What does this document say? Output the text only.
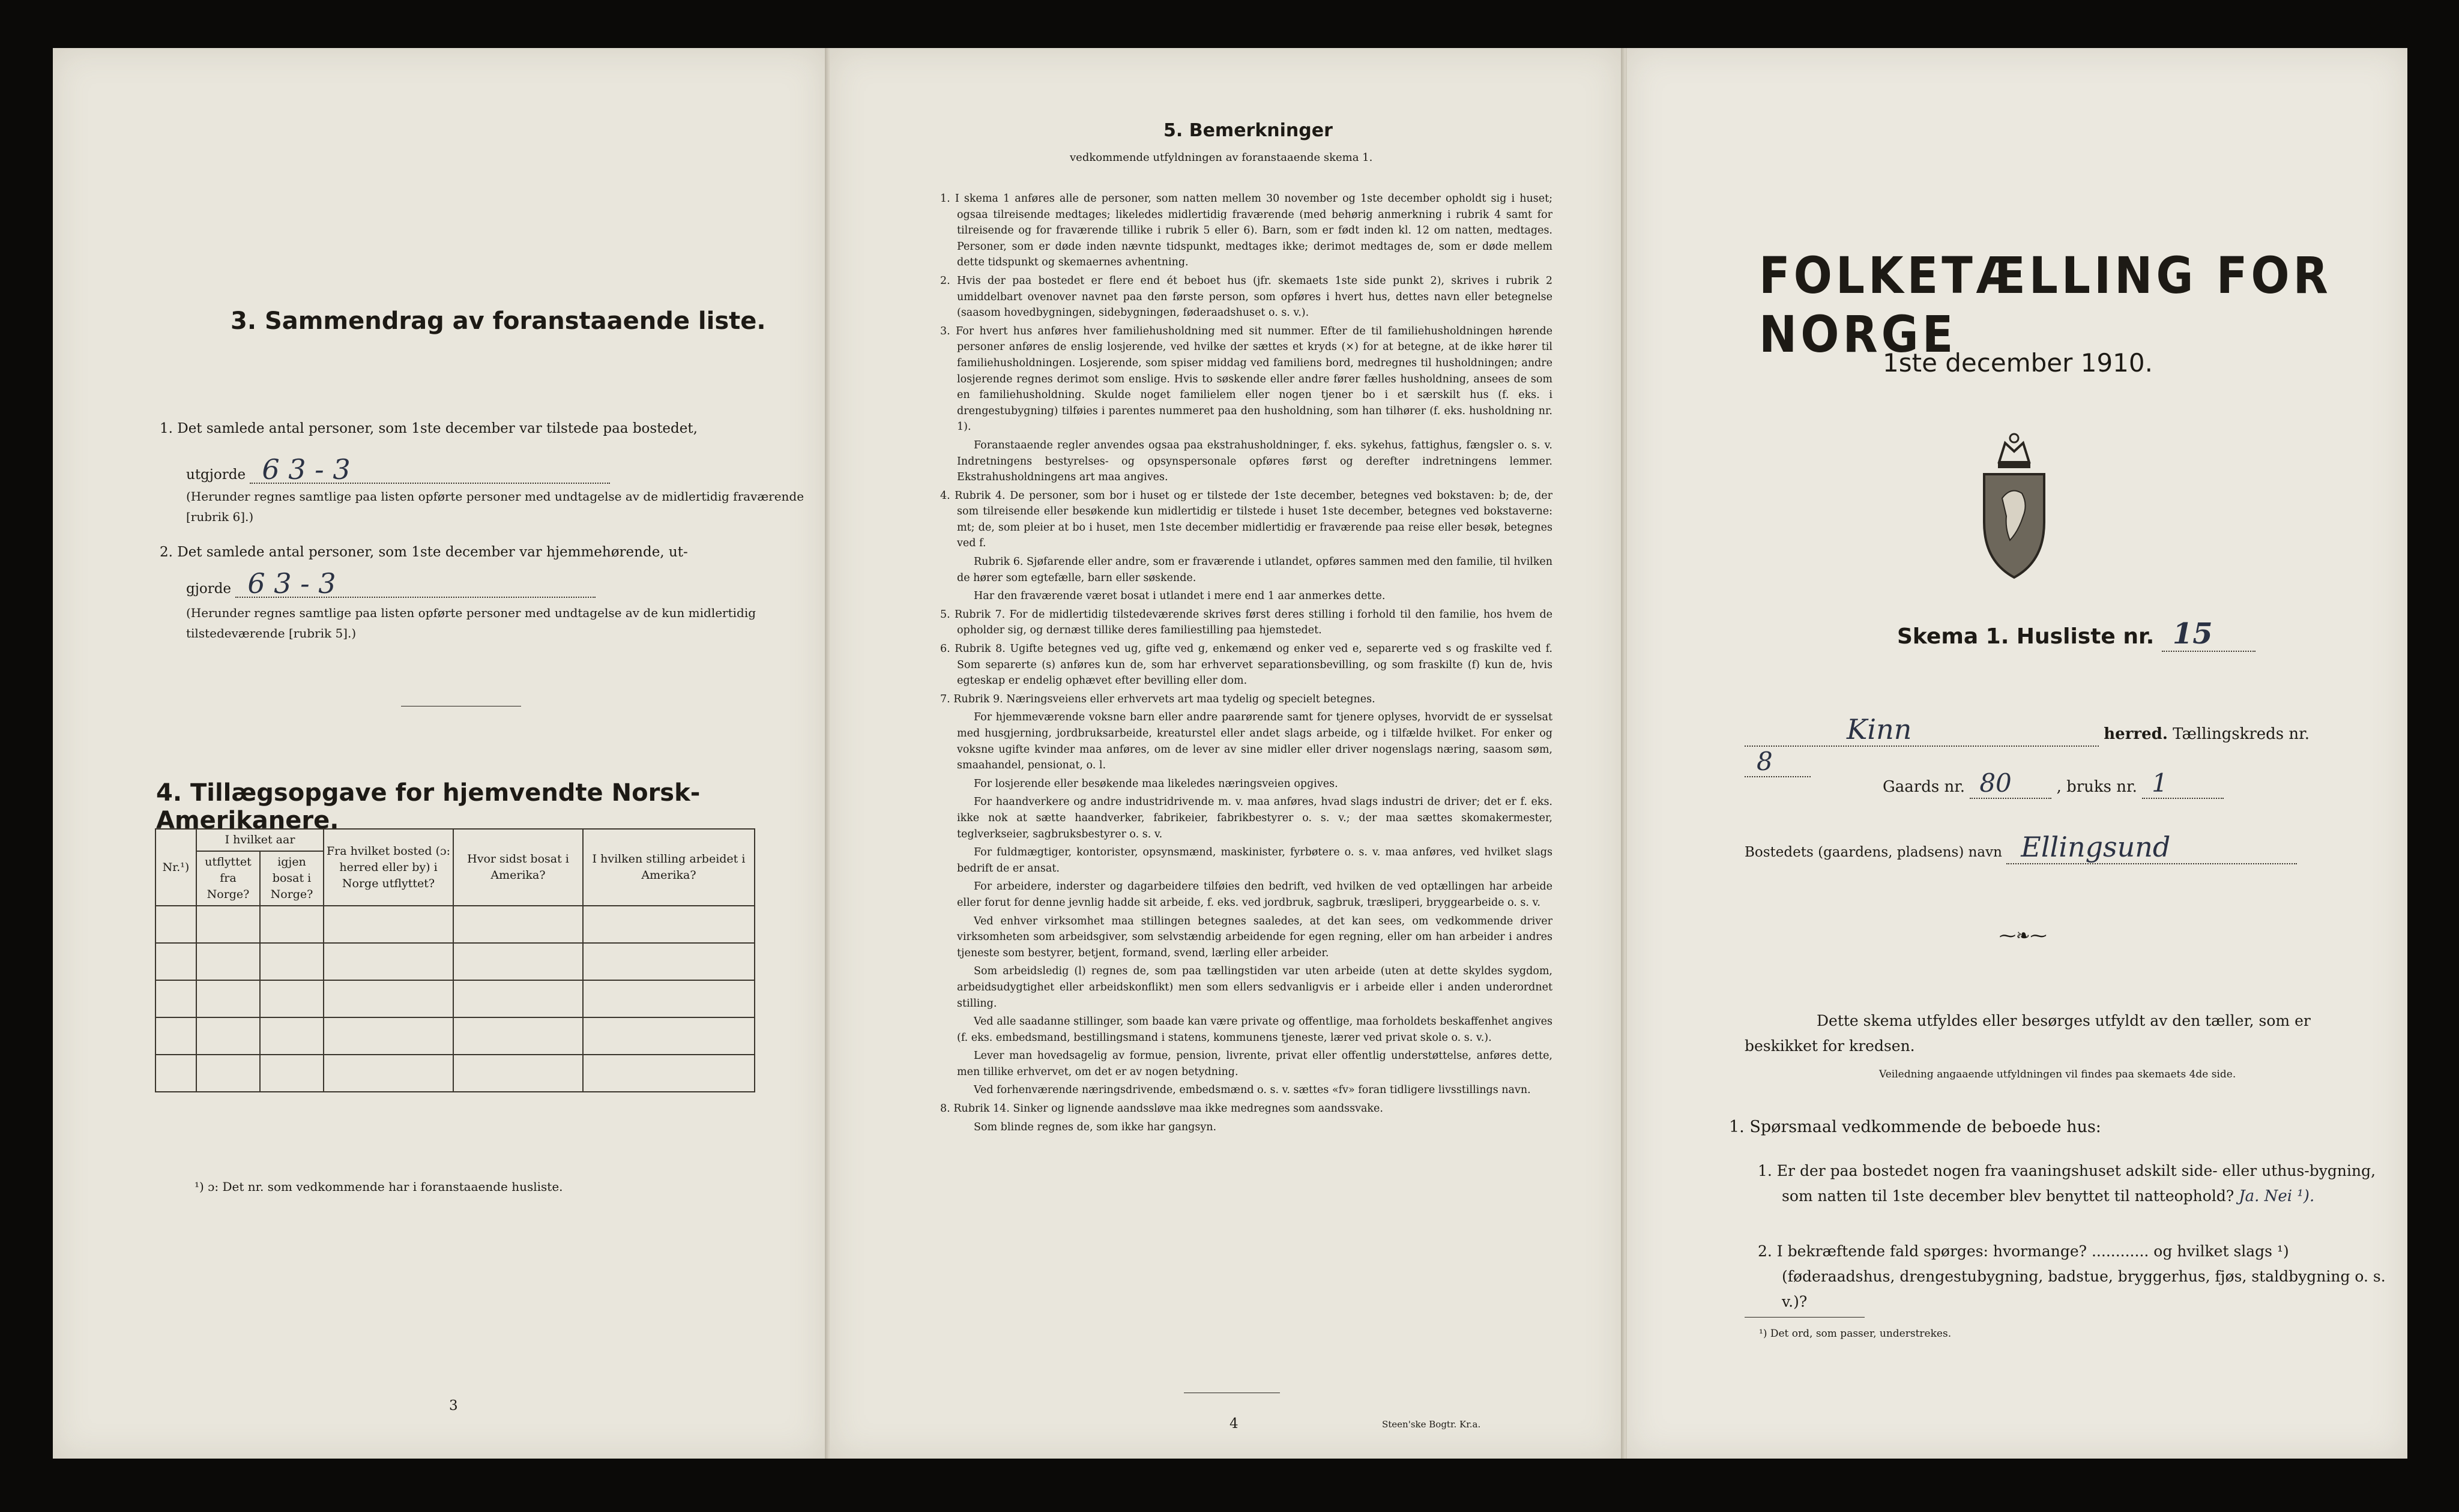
3. Sammendrag av foranstaaende liste.
1. Det samlede antal personer, som 1ste december var tilstede paa bostedet,
utgjorde 6 3 - 3
(Herunder regnes samtlige paa listen opførte personer med undtagelse av de midlertidig fraværende [rubrik 6].)
2. Det samlede antal personer, som 1ste december var hjemmehørende, ut-
gjorde 6 3 - 3
(Herunder regnes samtlige paa listen opførte personer med undtagelse av de kun midlertidig tilstedeværende [rubrik 5].)
4. Tillægsopgave for hjemvendte Norsk-Amerikanere.
Nr.¹)	I hvilket aar		Fra hvilket bosted (ɔ: herred eller by) i Norge utflyttet?	Hvor sidst bosat i Amerika?	I hvilken stilling arbeidet i Amerika?
	utflyttet fra Norge?	igjen bosat i Norge?			

¹) ɔ: Det nr. som vedkommende har i foranstaaende husliste.
3
5. Bemerkninger
vedkommende utfyldningen av foranstaaende skema 1.

1. I skema 1 anføres alle de personer, som natten mellem 30 november og 1ste december opholdt sig i huset; ogsaa tilreisende medtages; likeledes midlertidig fraværende (med behørig anmerkning i rubrik 4 samt for tilreisende og for fraværende tillike i rubrik 5 eller 6). Barn, som er født inden kl. 12 om natten, medtages. Personer, som er døde inden nævnte tidspunkt, medtages ikke; derimot medtages de, som er døde mellem dette tidspunkt og skemaernes avhentning.

2. Hvis der paa bostedet er flere end ét beboet hus (jfr. skemaets 1ste side punkt 2), skrives i rubrik 2 umiddelbart ovenover navnet paa den første person, som opføres i hvert hus, dettes navn eller betegnelse (saasom hovedbygningen, sidebygningen, føderaadshuset o. s. v.).

3. For hvert hus anføres hver familiehusholdning med sit nummer. Efter de til familiehusholdningen hørende personer anføres de enslig losjerende, ved hvilke der sættes et kryds (×) for at betegne, at de ikke hører til familiehusholdningen. Losjerende, som spiser middag ved familiens bord, medregnes til husholdningen; andre losjerende regnes derimot som enslige. Hvis to søskende eller andre fører fælles husholdning, ansees de som en familiehusholdning. Skulde noget familielem eller nogen tjener bo i et særskilt hus (f. eks. i drengestubygning) tilføies i parentes nummeret paa den husholdning, som han tilhører (f. eks. husholdning nr. 1).

Foranstaaende regler anvendes ogsaa paa ekstrahusholdninger, f. eks. sykehus, fattighus, fængsler o. s. v. Indretningens bestyrelses- og opsynspersonale opføres først og derefter indretningens lemmer. Ekstrahusholdningens art maa angives.

4. Rubrik 4. De personer, som bor i huset og er tilstede der 1ste december, betegnes ved bokstaven: b; de, der som tilreisende eller besøkende kun midlertidig er tilstede i huset 1ste december, betegnes ved bokstaverne: mt; de, som pleier at bo i huset, men 1ste december midlertidig er fraværende paa reise eller besøk, betegnes ved f.

Rubrik 6. Sjøfarende eller andre, som er fraværende i utlandet, opføres sammen med den familie, til hvilken de hører som egtefælle, barn eller søskende.

Har den fraværende været bosat i utlandet i mere end 1 aar anmerkes dette.

5. Rubrik 7. For de midlertidig tilstedeværende skrives først deres stilling i forhold til den familie, hos hvem de opholder sig, og dernæst tillike deres familiestilling paa hjemstedet.

6. Rubrik 8. Ugifte betegnes ved ug, gifte ved g, enkemænd og enker ved e, separerte ved s og fraskilte ved f. Som separerte (s) anføres kun de, som har erhvervet separationsbevilling, og som fraskilte (f) kun de, hvis egteskap er endelig ophævet efter bevilling eller dom.

7. Rubrik 9. Næringsveiens eller erhvervets art maa tydelig og specielt betegnes.

For hjemmeværende voksne barn eller andre paarørende samt for tjenere oplyses, hvorvidt de er sysselsat med husgjerning, jordbruksarbeide, kreaturstel eller andet slags arbeide, og i tilfælde hvilket. For enker og voksne ugifte kvinder maa anføres, om de lever av sine midler eller driver nogenslags næring, saasom søm, smaahandel, pensionat, o. l.

For losjerende eller besøkende maa likeledes næringsveien opgives.

For haandverkere og andre industridrivende m. v. maa anføres, hvad slags industri de driver; det er f. eks. ikke nok at sætte haandverker, fabrikeier, fabrikbestyrer o. s. v.; der maa sættes skomakermester, teglverkseier, sagbruksbestyrer o. s. v.

For fuldmægtiger, kontorister, opsynsmænd, maskinister, fyrbøtere o. s. v. maa anføres, ved hvilket slags bedrift de er ansat.

For arbeidere, inderster og dagarbeidere tilføies den bedrift, ved hvilken de ved optællingen har arbeide eller forut for denne jevnlig hadde sit arbeide, f. eks. ved jordbruk, sagbruk, træsliperi, bryggearbeide o. s. v.

Ved enhver virksomhet maa stillingen betegnes saaledes, at det kan sees, om vedkommende driver virksomheten som arbeidsgiver, som selvstændig arbeidende for egen regning, eller om han arbeider i andres tjeneste som bestyrer, betjent, formand, svend, lærling eller arbeider.

Som arbeidsledig (l) regnes de, som paa tællingstiden var uten arbeide (uten at dette skyldes sygdom, arbeidsudygtighet eller arbeidskonflikt) men som ellers sedvanligvis er i arbeide eller i anden underordnet stilling.

Ved alle saadanne stillinger, som baade kan være private og offentlige, maa forholdets beskaffenhet angives (f. eks. embedsmand, bestillingsmand i statens, kommunens tjeneste, lærer ved privat skole o. s. v.).

Lever man hovedsagelig av formue, pension, livrente, privat eller offentlig understøttelse, anføres dette, men tillike erhvervet, om det er av nogen betydning.

Ved forhenværende næringsdrivende, embedsmænd o. s. v. sættes «fv» foran tidligere livsstillings navn.

8. Rubrik 14. Sinker og lignende aandssløve maa ikke medregnes som aandssvake.

Som blinde regnes de, som ikke har gangsyn.

4	Steen'ske Bogtr. Kr.a.
FOLKETÆLLING FOR NORGE
1ste december 1910.
Skema 1. Husliste nr. 15
Kinn	herred. Tællingskreds nr. 8
Gaards nr. 80	, bruks nr. 1
Bostedets (gaardens, pladsens) navn Ellingsund
⁓❧⁓
Dette skema utfyldes eller besørges utfyldt av den tæller, som er beskikket for kredsen.
Veiledning angaaende utfyldningen vil findes paa skemaets 4de side.
1. Spørsmaal vedkommende de beboede hus:
1. Er der paa bostedet nogen fra vaaningshuset adskilt side- eller uthus-bygning, som natten til 1ste december blev benyttet til natteophold? Ja. Nei ¹).
2. I bekræftende fald spørges: hvormange? ............ og hvilket slags ¹) (føderaadshus, drengestubygning, badstue, bryggerhus, fjøs, staldbygning o. s. v.)?
¹) Det ord, som passer, understrekes.
